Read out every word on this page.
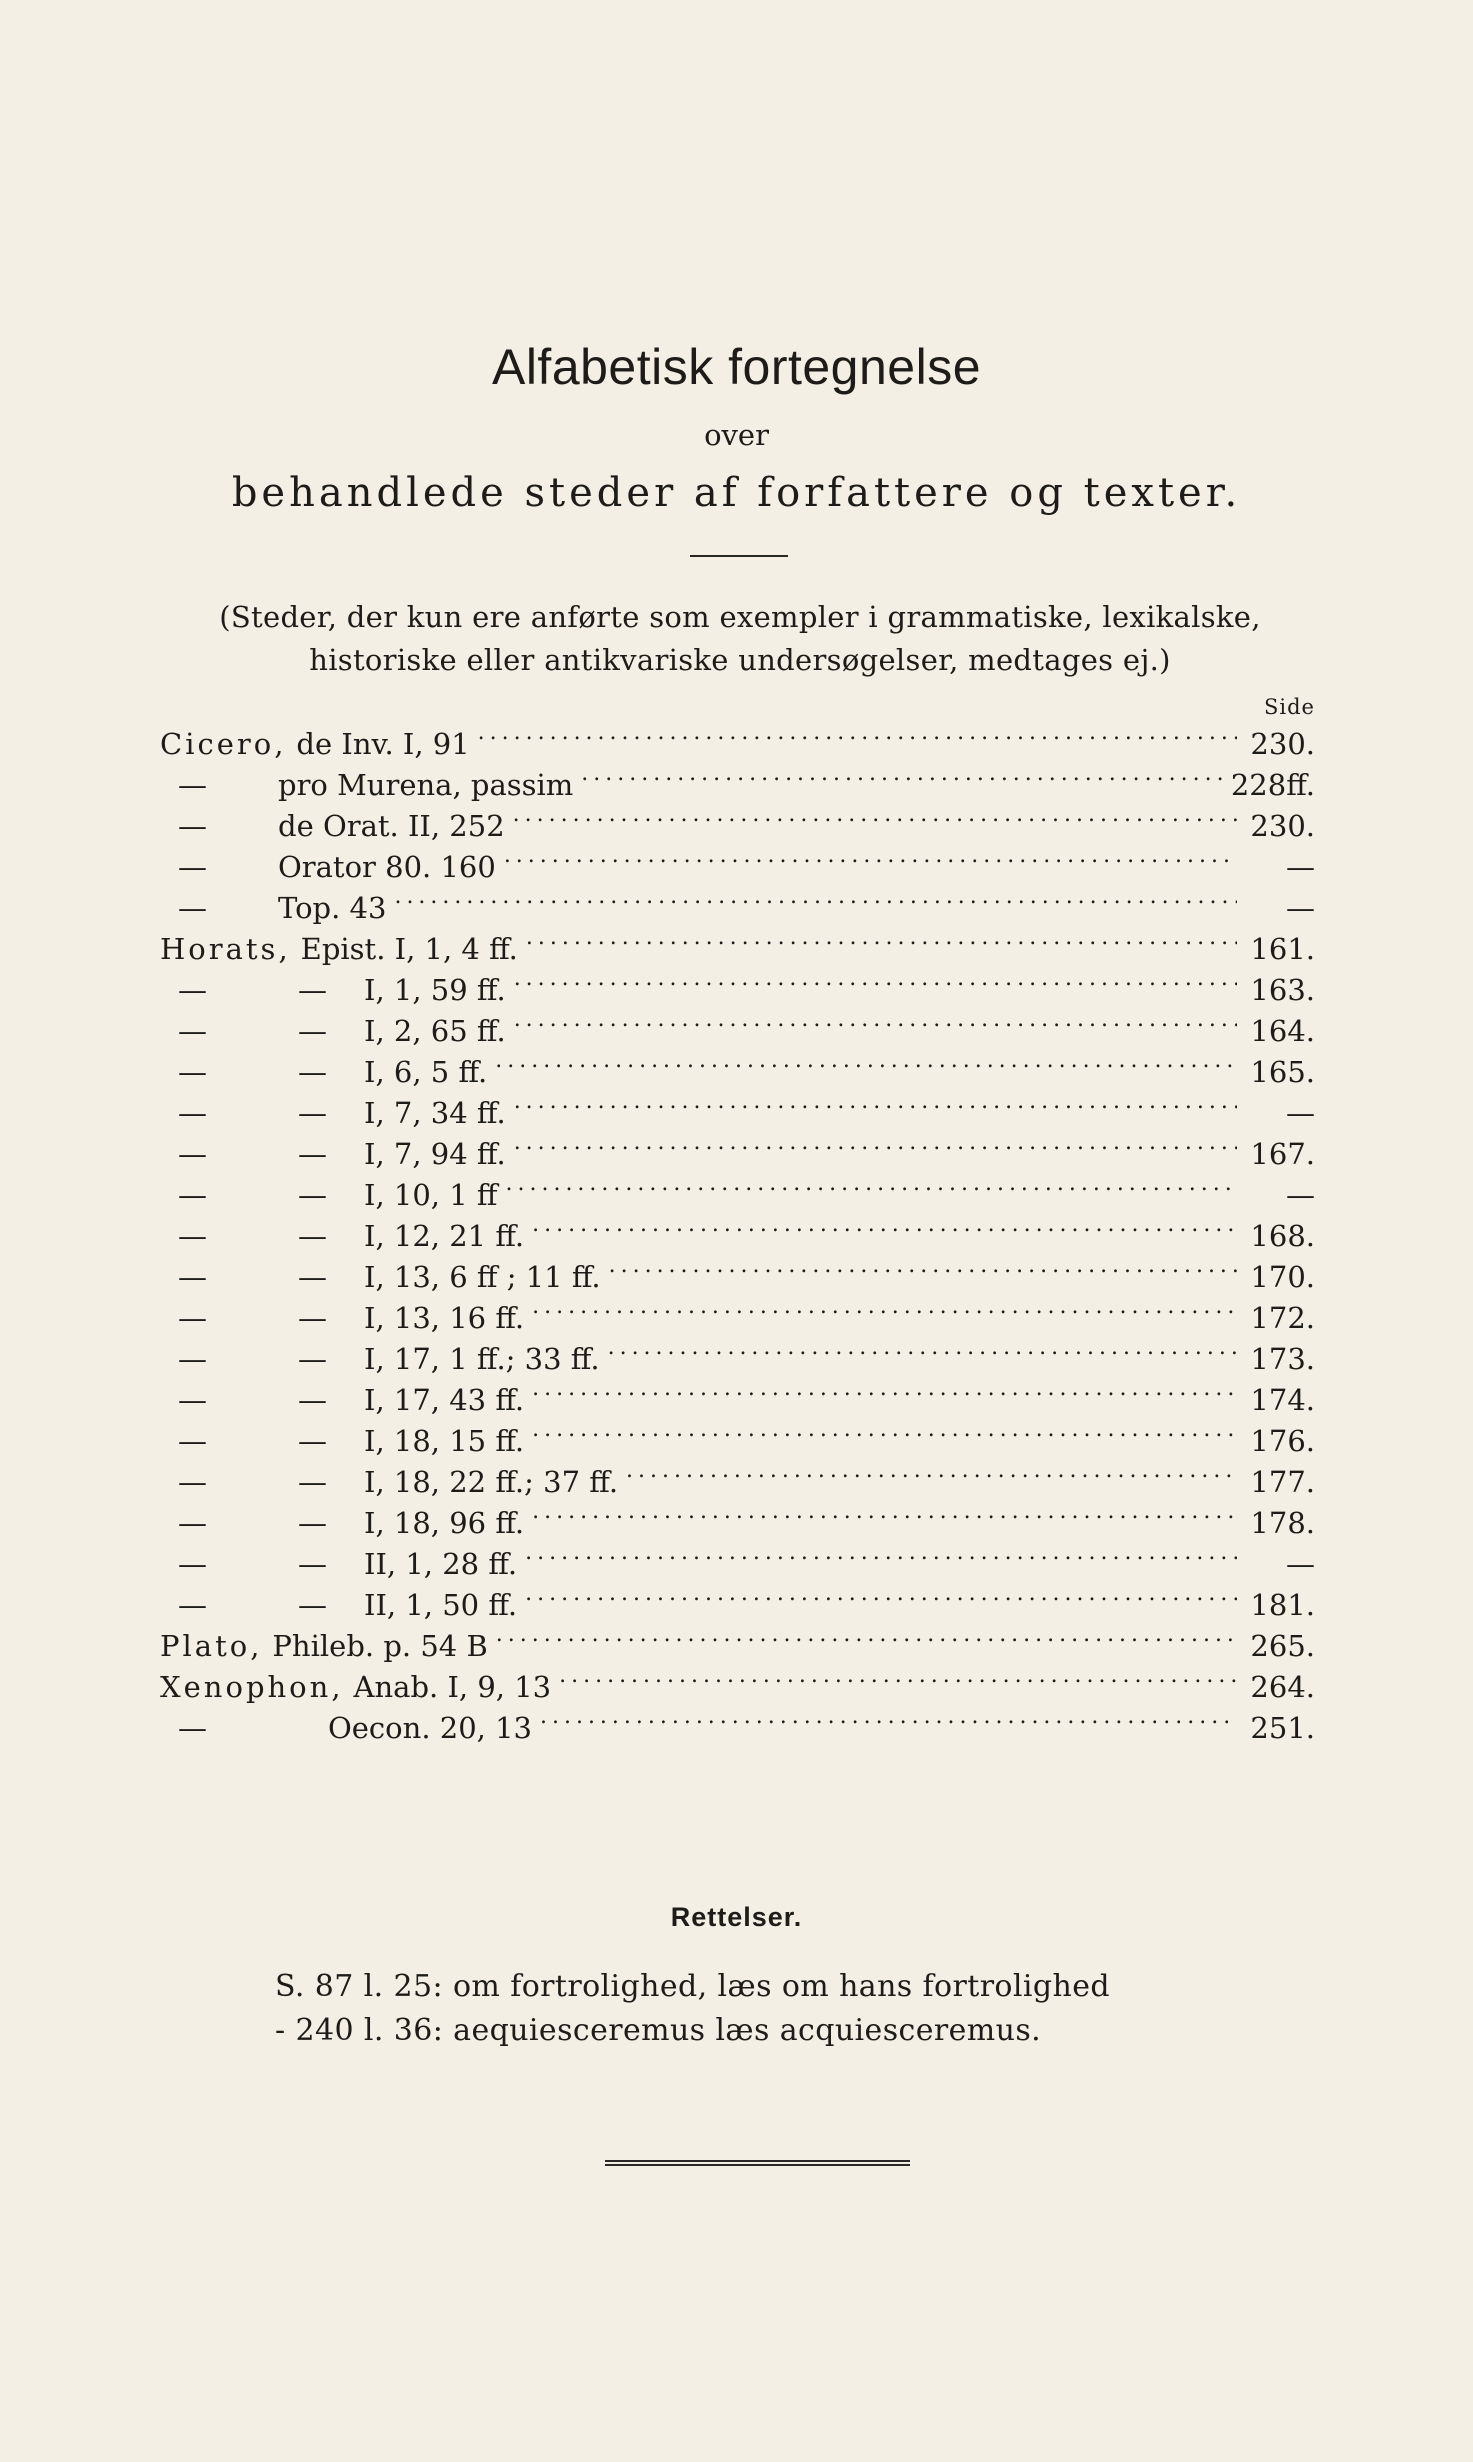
Alfabetisk fortegnelse
over
behandlede steder af forfattere og texter.
(Steder, der kun ere anførte som exempler i grammatiske, lexikalske, historiske eller antikvariske undersøgelser, medtages ej.)
Side
Cicero, de Inv. I, 91 . . .	230.
—	pro Murena, passim . . .	228ff.
—	de Orat. II, 252 . . .	230.
—	Orator 80. 160 . . .	—
—	Top. 43 . . .	—
Horats, Epist. I, 1, 4 ff. . . .	161.
—	—	I, 1, 59 ff. . . .	163.
—	—	I, 2, 65 ff. . . .	164.
—	—	I, 6, 5 ff. . . .	165.
—	—	I, 7, 34 ff. . . .	—
—	—	I, 7, 94 ff. . . .	167.
—	—	I, 10, 1 ff . . .	—
—	—	I, 12, 21 ff. . . .	168.
—	—	I, 13, 6 ff ; 11 ff. . . .	170.
—	—	I, 13, 16 ff. . . .	172.
—	—	I, 17, 1 ff.; 33 ff. . . .	173.
—	—	I, 17, 43 ff. . . .	174.
—	—	I, 18, 15 ff. . . .	176.
—	—	I, 18, 22 ff.; 37 ff. . . .	177.
—	—	I, 18, 96 ff. . . .	178.
—	—	II, 1, 28 ff. . . .	—
—	—	II, 1, 50 ff. . . .	181.
Plato, Phileb. p. 54 B . . .	265.
Xenophon, Anab. I, 9, 13 . . .	264.
—	Oecon. 20, 13 . . .	251.
Rettelser.
S. 87 l. 25: om fortrolighed, læs om hans fortrolighed
- 240 l. 36: aequiesceremus læs acquiesceremus.
